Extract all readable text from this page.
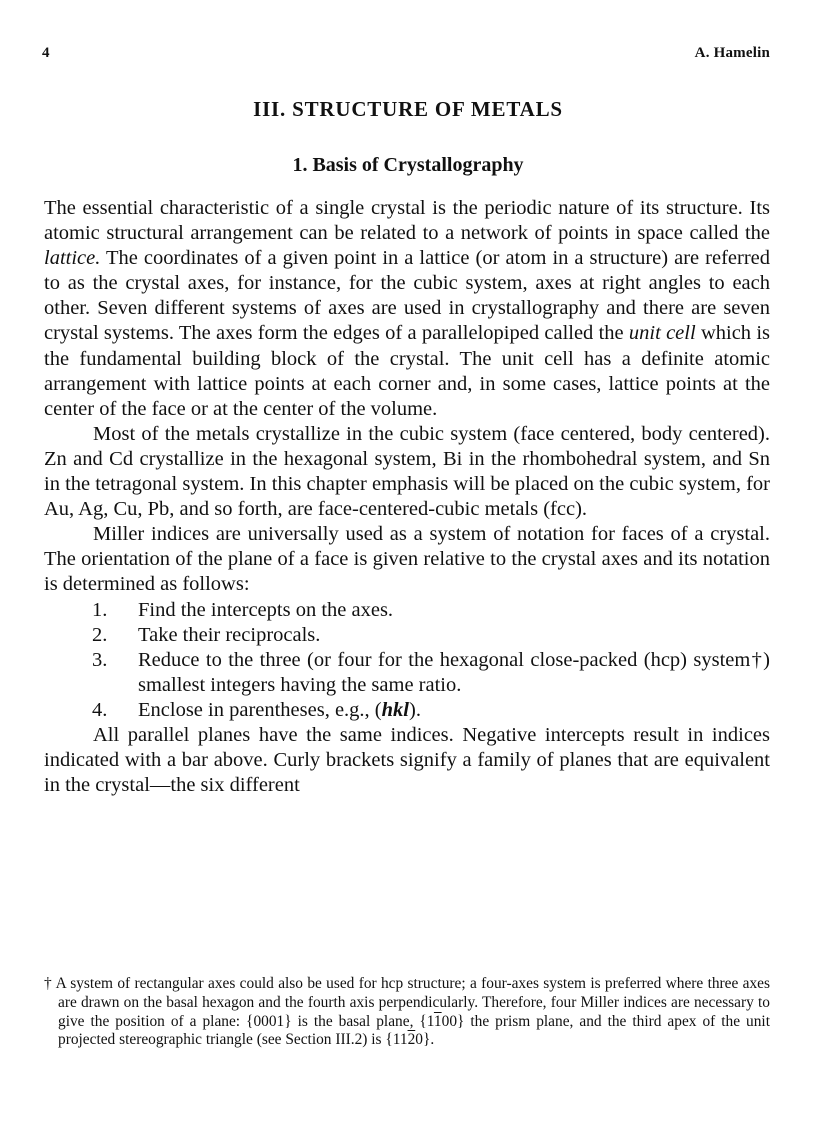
4	A. Hamelin
III. STRUCTURE OF METALS
1. Basis of Crystallography

The essential characteristic of a single crystal is the periodic nature of its structure. Its atomic structural arrangement can be related to a network of points in space called the lattice. The coordinates of a given point in a lattice (or atom in a structure) are referred to as the crystal axes, for instance, for the cubic system, axes at right angles to each other. Seven different systems of axes are used in crystallography and there are seven crystal systems. The axes form the edges of a parallelopiped called the unit cell which is the fundamental building block of the crystal. The unit cell has a definite atomic arrangement with lattice points at each corner and, in some cases, lattice points at the center of the face or at the center of the volume.

Most of the metals crystallize in the cubic system (face centered, body centered). Zn and Cd crystallize in the hexagonal system, Bi in the rhombohedral system, and Sn in the tetragonal system. In this chapter emphasis will be placed on the cubic system, for Au, Ag, Cu, Pb, and so forth, are face-centered-cubic metals (fcc).

Miller indices are universally used as a system of notation for faces of a crystal. The orientation of the plane of a face is given relative to the crystal axes and its notation is determined as follows:

1.	Find the intercepts on the axes.
2.	Take their reciprocals.
3.	Reduce to the three (or four for the hexagonal close-packed (hcp) system†) smallest integers having the same ratio.
4.	Enclose in parentheses, e.g., (hkl).

All parallel planes have the same indices. Negative intercepts result in indices indicated with a bar above. Curly brackets signify a family of planes that are equivalent in the crystal—the six different

† A system of rectangular axes could also be used for hcp structure; a four-axes system is preferred where three axes are drawn on the basal hexagon and the fourth axis perpendicularly. Therefore, four Miller indices are necessary to give the position of a plane: {0001} is the basal plane, {1100} the prism plane, and the third apex of the unit projected stereographic triangle (see Section III.2) is {1120}.
